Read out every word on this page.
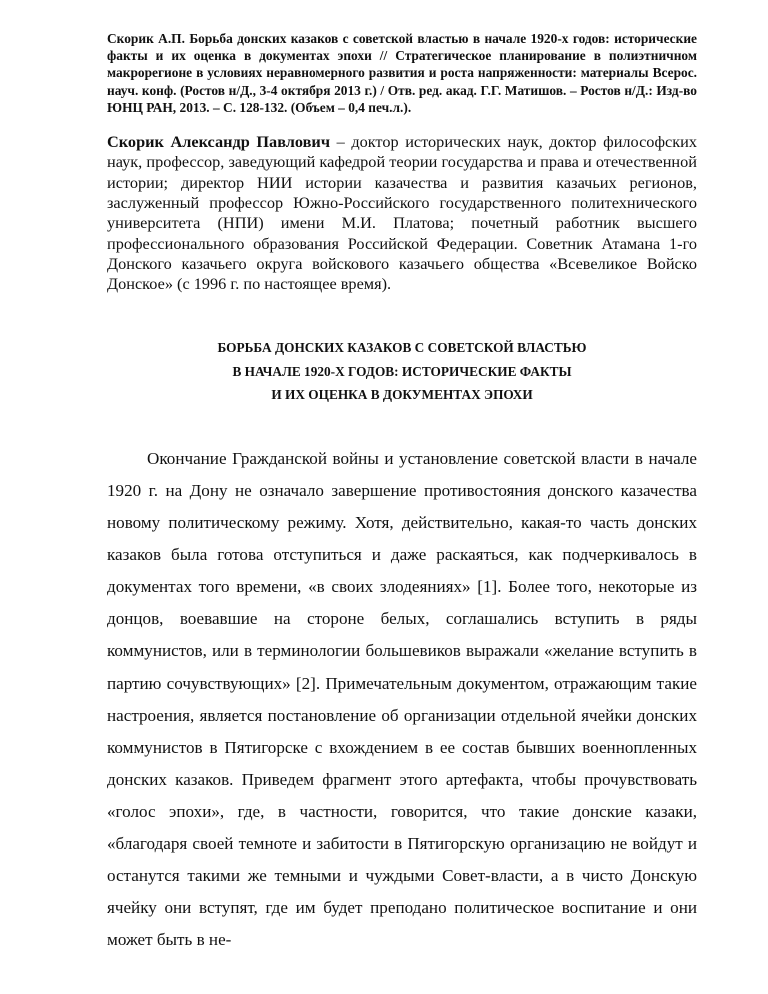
Скорик А.П. Борьба донских казаков с советской властью в начале 1920-х годов: исторические факты и их оценка в документах эпохи // Стратегическое планирование в полиэтничном макрорегионе в условиях неравномерного развития и роста напряженности: материалы Всерос. науч. конф. (Ростов н/Д., 3-4 октября 2013 г.) / Отв. ред. акад. Г.Г. Матишов. – Ростов н/Д.: Изд-во ЮНЦ РАН, 2013. – С. 128-132. (Объем – 0,4 печ.л.).

Скорик Александр Павлович – доктор исторических наук, доктор философских наук, профессор, заведующий кафедрой теории государства и права и отечественной истории; директор НИИ истории казачества и развития казачьих регионов, заслуженный профессор Южно-Российского государственного политехнического университета (НПИ) имени М.И. Платова; почетный работник высшего профессионального образования Российской Федерации. Советник Атамана 1-го Донского казачьего округа войскового казачьего общества «Всевеликое Войско Донское» (с 1996 г. по настоящее время).

БОРЬБА ДОНСКИХ КАЗАКОВ С СОВЕТСКОЙ ВЛАСТЬЮ
В НАЧАЛЕ 1920-Х ГОДОВ: ИСТОРИЧЕСКИЕ ФАКТЫ
И ИХ ОЦЕНКА В ДОКУМЕНТАХ ЭПОХИ

Окончание Гражданской войны и установление советской власти в начале 1920 г. на Дону не означало завершение противостояния донского казачества новому политическому режиму. Хотя, действительно, какая-то часть донских казаков была готова отступиться и даже раскаяться, как подчеркивалось в документах того времени, «в своих злодеяниях» [1]. Более того, некоторые из донцов, воевавшие на стороне белых, соглашались вступить в ряды коммунистов, или в терминологии большевиков выражали «желание вступить в партию сочувствующих» [2]. Примечательным документом, отражающим такие настроения, является постановление об организации отдельной ячейки донских коммунистов в Пятигорске с вхождением в ее состав бывших военнопленных донских казаков. Приведем фрагмент этого артефакта, чтобы прочувствовать «голос эпохи», где, в частности, говорится, что такие донские казаки, «благодаря своей темноте и забитости в Пятигорскую организацию не войдут и останутся такими же темными и чуждыми Совет-власти, а в чисто Донскую ячейку они вступят, где им будет преподано политическое воспитание и они может быть в не-
